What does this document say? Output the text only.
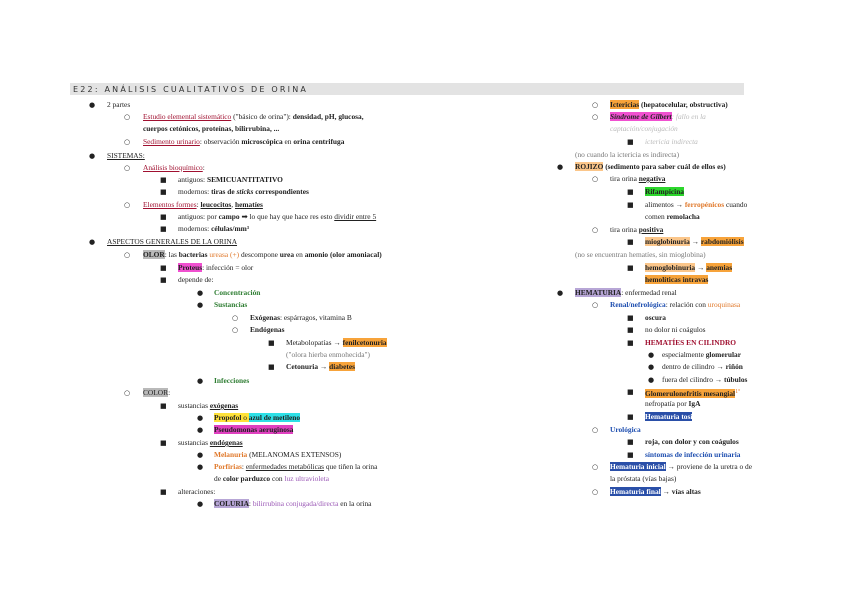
E22: ANÁLISIS CUALITATIVOS DE ORINA
● 2 partes
○ Estudio elemental sistemático ("básico de orina"): densidad, pH, glucosa,
cuerpos cetónicos, proteínas, bilirrubina, ...
○ Sedimento urinario: observación microscópica en orina centrifuga
● SISTEMAS:
○ Análisis bioquímico:
■ antiguos: SEMICUANTITATIVO
■ modernos: tiras de sticks correspondientes
○ Elementos formes: leucocitos, hematíes
■ antiguos: por campo ➡ lo que hay que hace res esto dividir entre 5
■ modernos: células/mm³
● ASPECTOS GENERALES DE LA ORINA
○ OLOR: las bacterias ureasa (+) descompone urea en amonio (olor amoniacal)
■ Proteus: infección = olor
■ depende de:
● Concentración
● Sustancias
○ Exógenas: espárragos, vitamina B
○ Endógenas
■ Metabolopatías → fenilcetonuria
("olora hierba enmohecida")
■ Cetonuria → diabetes
● Infecciones
○ COLOR:
■ sustancias exógenas
● Propofol o azul de metileno
● Pseudomonas aeruginosa
■ sustancias endógenas
● Melanuria (MELANOMAS EXTENSOS)
● Porfirias: enfermedades metabólicas que tiñen la orina
de color parduzco con luz ultravioleta
■ alteraciones:
● COLURIA: bilirrubina conjugada/directa en la orina
○ Ictericias (hepatocelular, obstructiva)
○ Síndrome de Gilbert: fallo en la
captación/conjugación
■ ictericia indirecta
(no cuando la ictericia es indirecta)
● ROJIZO (sedimento para saber cuál de ellos es)
○ tira orina negativa
■ Rifampicina
■ alimentos → ferropénicos cuando
comen remolacha
○ tira orina positiva
■ mioglobinuria → rabdomiólisis
(no se encuentran hematíes, sin mioglobina)
■ hemoglobinuria → anemias
hemolíticas intravas
● HEMATURIA: enfermedad renal
○ Renal/nefrológica: relación con uroquinasa
■ oscura
■ no dolor ni coágulos
■ HEMATÍES EN CILINDRO
● especialmente glomerular
● dentro de cilindro → riñón
● fuera del cilindro → túbulos
■ Glomerulonefritis mesangial$^{1º}$
nefropatía por IgA
■ Hematuria tosi
○ Urológica
■ roja, con dolor y con coágulos
■ síntomas de infección urinaria
○ Hematuria inicial → proviene de la uretra o de
la próstata (vías bajas)
○ Hematuria final → vías altas
